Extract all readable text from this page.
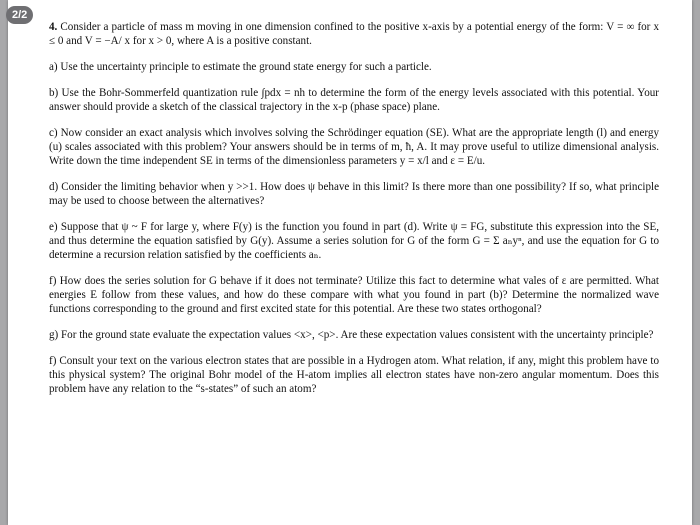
2/2

4. Consider a particle of mass m moving in one dimension confined to the positive x-axis by a potential energy of the form: V = ∞ for x ≤ 0 and V = −A/ x for x > 0, where A is a positive constant.

a) Use the uncertainty principle to estimate the ground state energy for such a particle.

b) Use the Bohr-Sommerfeld quantization rule ∫pdx = nh to determine the form of the energy levels associated with this potential. Your answer should provide a sketch of the classical trajectory in the x-p (phase space) plane.

c) Now consider an exact analysis which involves solving the Schrödinger equation (SE). What are the appropriate length (l) and energy (u) scales associated with this problem? Your answers should be in terms of m, ħ, A. It may prove useful to utilize dimensional analysis. Write down the time independent SE in terms of the dimensionless parameters y = x/l and ε = E/u.

d) Consider the limiting behavior when y >>1. How does ψ behave in this limit? Is there more than one possibility? If so, what principle may be used to choose between the alternatives?

e) Suppose that ψ ~ F for large y, where F(y) is the function you found in part (d). Write ψ = FG, substitute this expression into the SE, and thus determine the equation satisfied by G(y). Assume a series solution for G of the form G = Σ aₙyⁿ, and use the equation for G to determine a recursion relation satisfied by the coefficients aₙ.

f) How does the series solution for G behave if it does not terminate? Utilize this fact to determine what vales of ε are permitted. What energies E follow from these values, and how do these compare with what you found in part (b)? Determine the normalized wave functions corresponding to the ground and first excited state for this potential. Are these two states orthogonal?

g) For the ground state evaluate the expectation values <x>, <p>. Are these expectation values consistent with the uncertainty principle?

f) Consult your text on the various electron states that are possible in a Hydrogen atom. What relation, if any, might this problem have to this physical system? The original Bohr model of the H-atom implies all electron states have non-zero angular momentum. Does this problem have any relation to the “s-states” of such an atom?
